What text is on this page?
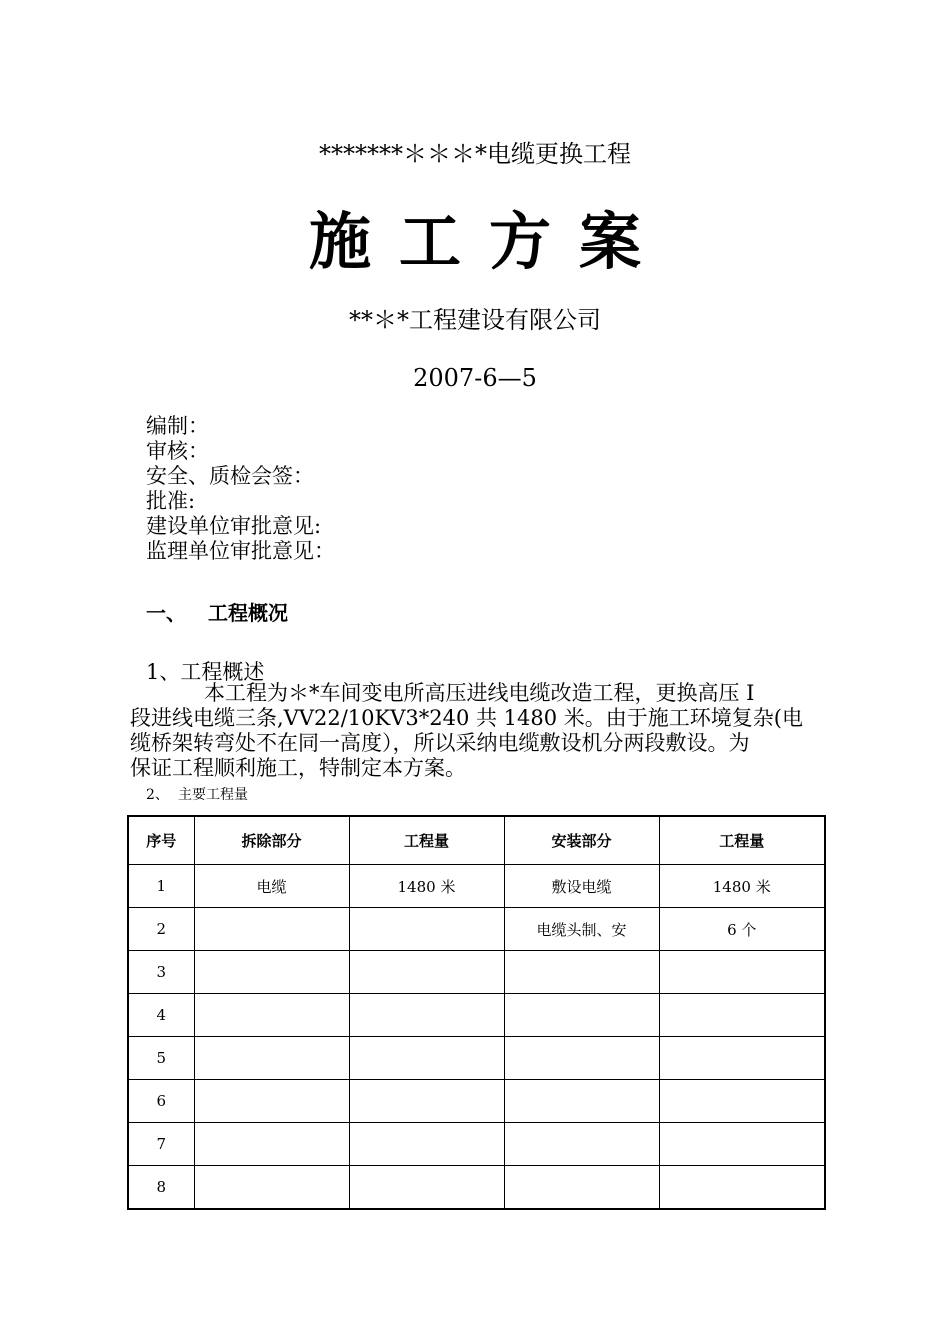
*******＊＊＊*电缆更换工程
施工方案
**＊*工程建设有限公司
2007-6—5
编制：
审核：
安全、质检会签：
批准:
建设单位审批意见:
监理单位审批意见：
一、 工程概况
1、工程概述
本工程为＊*车间变电所高压进线电缆改造工程，更换高压 I
段进线电缆三条,VV22/10KV3*240 共 1480 米。由于施工环境复杂(电
缆桥架转弯处不在同一高度），所以采纳电缆敷设机分两段敷设。为
保证工程顺利施工，特制定本方案。
2、 主要工程量
序号	拆除部分	工程量	安装部分	工程量
1	电缆	1480 米	敷设电缆	1480 米
2			电缆头制、安	6 个
3				
4				
5				
6				
7				
8				
